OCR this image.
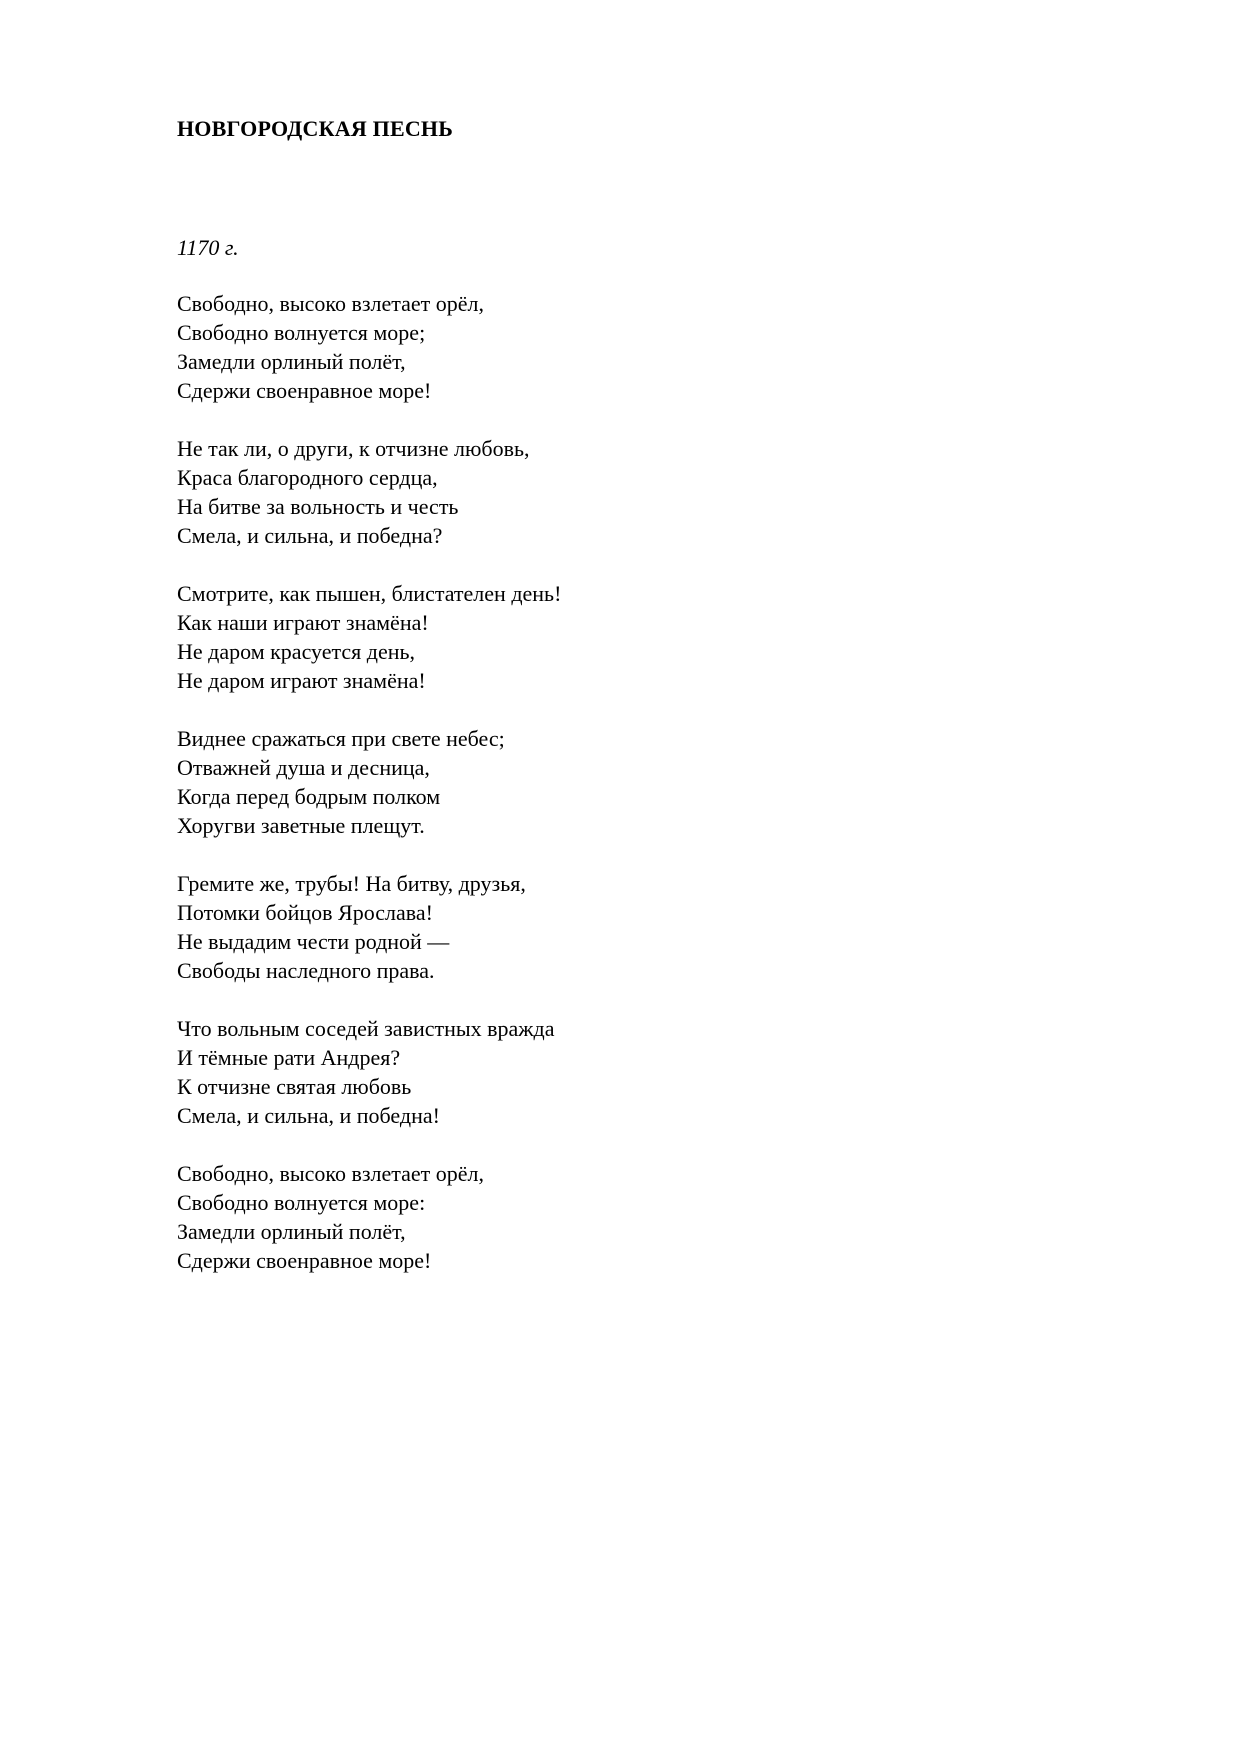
НОВГОРОДСКАЯ ПЕСНЬ
1170 г.
Свободно, высоко взлетает орёл,
Свободно волнуется море;
Замедли орлиный полёт,
Сдержи своенравное море!
Не так ли, о други, к отчизне любовь,
Краса благородного сердца,
На битве за вольность и честь
Смела, и сильна, и победна?
Смотрите, как пышен, блистателен день!
Как наши играют знамёна!
Не даром красуется день,
Не даром играют знамёна!
Виднее сражаться при свете небес;
Отважней душа и десница,
Когда перед бодрым полком
Хоругви заветные плещут.
Гремите же, трубы! На битву, друзья,
Потомки бойцов Ярослава!
Не выдадим чести родной —
Свободы наследного права.
Что вольным соседей завистных вражда
И тёмные рати Андрея?
К отчизне святая любовь
Смела, и сильна, и победна!
Свободно, высоко взлетает орёл,
Свободно волнуется море:
Замедли орлиный полёт,
Сдержи своенравное море!
